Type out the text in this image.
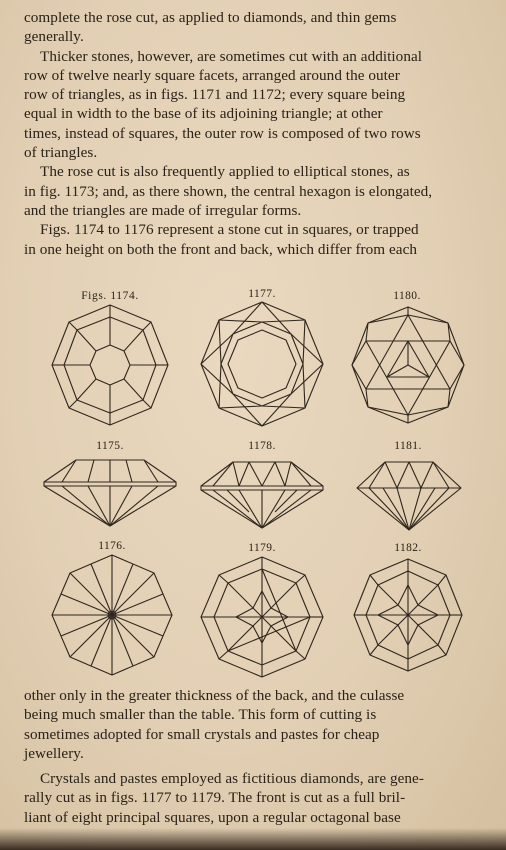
complete the rose cut, as applied to diamonds, and thin gems
generally.
Thicker stones, however, are sometimes cut with an additional
row of twelve nearly square facets, arranged around the outer
row of triangles, as in figs. 1171 and 1172; every square being
equal in width to the base of its adjoining triangle; at other
times, instead of squares, the outer row is composed of two rows
of triangles.
The rose cut is also frequently applied to elliptical stones, as
in fig. 1173; and, as there shown, the central hexagon is elongated,
and the triangles are made of irregular forms.
Figs. 1174 to 1176 represent a stone cut in squares, or trapped
in one height on both the front and back, which differ from each
Figs. 1174.	1177.	1180.
1175.	1178.	1181.
1176.	1179.	1182.
other only in the greater thickness of the back, and the culasse
being much smaller than the table. This form of cutting is
sometimes adopted for small crystals and pastes for cheap
jewellery.
Crystals and pastes employed as fictitious diamonds, are gene-
rally cut as in figs. 1177 to 1179. The front is cut as a full bril-
liant of eight principal squares, upon a regular octagonal base
